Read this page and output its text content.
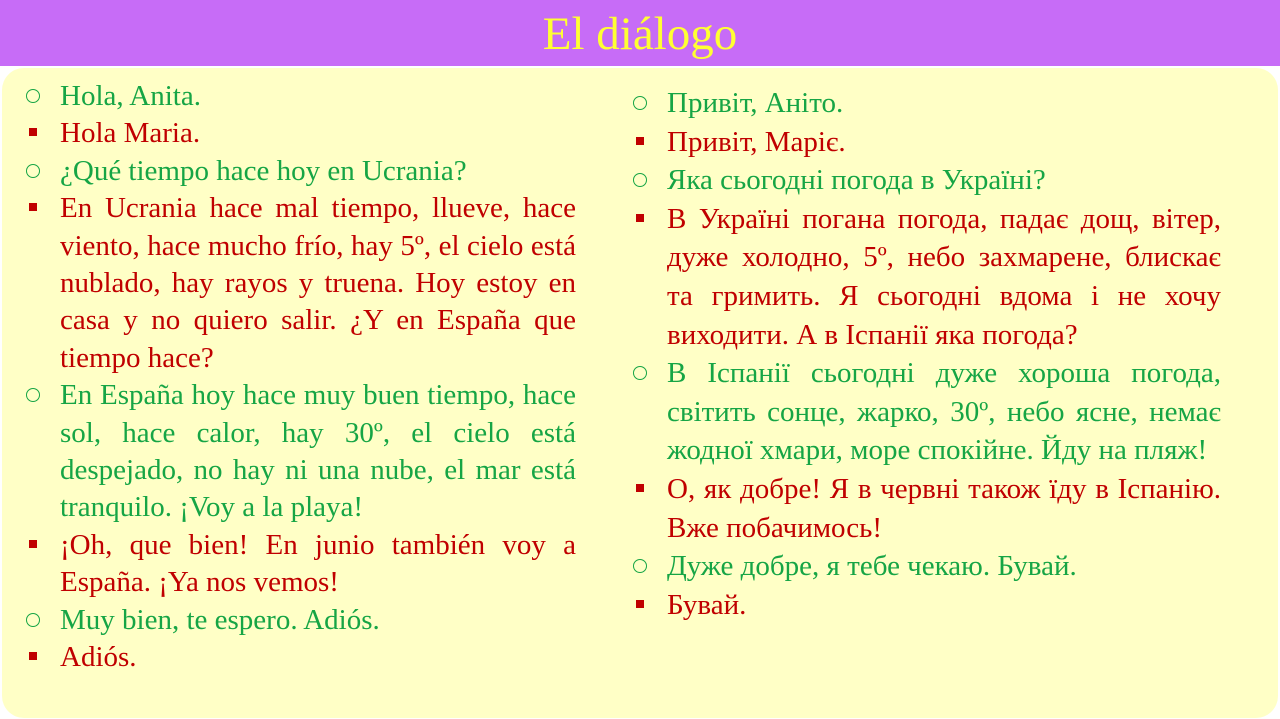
El diálogo
Hola, Anita.
Hola Maria.
¿Qué tiempo hace hoy en Ucrania?
En Ucrania hace mal tiempo, llueve, hace viento, hace mucho frío, hay 5º, el cielo está nublado, hay rayos y truena. Hoy estoy en casa y no quiero salir. ¿Y en España que tiempo hace?
En España hoy hace muy buen tiempo, hace sol, hace calor, hay 30º, el cielo está despejado, no hay ni una nube, el mar está tranquilo. ¡Voy a la playa!
¡Oh, que bien! En junio también voy a España. ¡Ya nos vemos!
Muy bien, te espero. Adiós.
Adiós.
Привіт, Аніто.
Привіт, Маріє.
Яка сьогодні погода в Україні?
В Україні погана погода, падає дощ, вітер, дуже холодно, 5º, небо захмарене, блискає та гримить. Я сьогодні вдома і не хочу виходити. А в Іспанії яка погода?
В Іспанії сьогодні дуже хороша погода, світить сонце, жарко, 30º, небо ясне, немає жодної хмари, море спокійне. Йду на пляж!
О, як добре! Я в червні також їду в Іспанію. Вже побачимось!
Дуже добре, я тебе чекаю. Бувай.
Бувай.
